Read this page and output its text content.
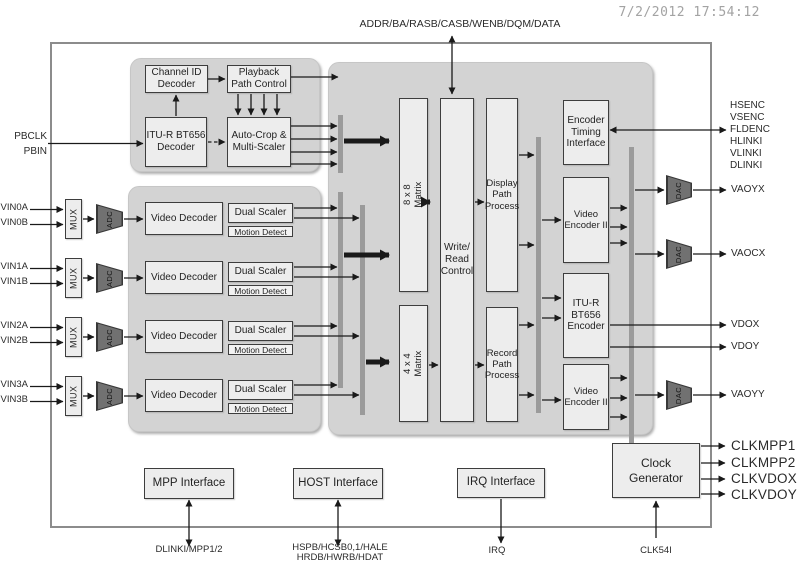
7/2/2012 17:54:12
ADDR/BA/RASB/CASB/WENB/DQM/DATA
PBCLK
PBIN
VIN0A
VIN0B
VIN1A
VIN1B
VIN2A
VIN2B
VIN3A
VIN3B
HSENC
VSENC
FLDENC
HLINKI
VLINKI
DLINKI
VAOYX
VAOCX
VDOX
VDOY
VAOYY
CLKMPP1
CLKMPP2
CLKVDOX
CLKVDOY
DLINKI/MPP1/2	HSPB/HCSB0,1/HALE
HRDB/HWRB/HDAT
IRQ	CLK54I
Channel ID Decoder
Playback Path Control
ITU-R BT656 Decoder
Auto-Crop & Multi-Scaler
MUX
MUX
MUX
MUX
ADC
ADC
ADC
ADC
Video Decoder
Video Decoder
Video Decoder
Video Decoder
Dual Scaler
Dual Scaler
Dual Scaler
Dual Scaler
Motion Detect
Motion Detect
Motion Detect
Motion Detect
8 x 8 Matrix
4 x 4 Matrix
Write/ Read Control
Display Path Process
Record Path Process
Encoder Timing Interface
Video Encoder II
ITU-R BT656 Encoder
Video Encoder II
DAC
DAC
DAC
Clock Generator
MPP Interface	HOST Interface	IRQ Interface
